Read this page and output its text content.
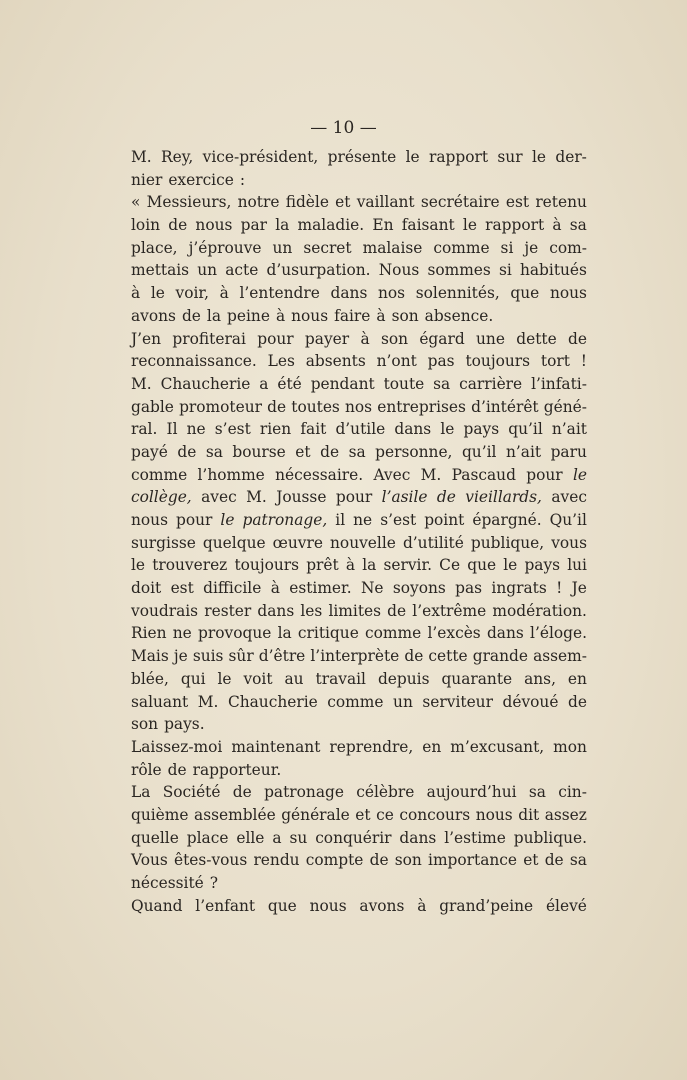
— 10 —
M. Rey, vice-président, présente le rapport sur le der-
nier exercice :
« Messieurs, notre fidèle et vaillant secrétaire est retenu
loin de nous par la maladie. En faisant le rapport à sa
place, j’éprouve un secret malaise comme si je com-
mettais un acte d’usurpation. Nous sommes si habitués
à le voir, à l’entendre dans nos solennités, que nous
avons de la peine à nous faire à son absence.
J’en profiterai pour payer à son égard une dette de
reconnaissance. Les absents n’ont pas toujours tort !
M. Chaucherie a été pendant toute sa carrière l’infati-
gable promoteur de toutes nos entreprises d’intérêt géné-
ral. Il ne s’est rien fait d’utile dans le pays qu’il n’ait
payé de sa bourse et de sa personne, qu’il n’ait paru
comme l’homme nécessaire. Avec M. Pascaud pour le
collège, avec M. Jousse pour l’asile de vieillards, avec
nous pour le patronage, il ne s’est point épargné. Qu’il
surgisse quelque œuvre nouvelle d’utilité publique, vous
le trouverez toujours prêt à la servir. Ce que le pays lui
doit est difficile à estimer. Ne soyons pas ingrats ! Je
voudrais rester dans les limites de l’extrême modération.
Rien ne provoque la critique comme l’excès dans l’éloge.
Mais je suis sûr d’être l’interprète de cette grande assem-
blée, qui le voit au travail depuis quarante ans, en
saluant M. Chaucherie comme un serviteur dévoué de
son pays.
Laissez-moi maintenant reprendre, en m’excusant, mon
rôle de rapporteur.
La Société de patronage célèbre aujourd’hui sa cin-
quième assemblée générale et ce concours nous dit assez
quelle place elle a su conquérir dans l’estime publique.
Vous êtes-vous rendu compte de son importance et de sa
nécessité ?
Quand l’enfant que nous avons à grand’peine élevé
